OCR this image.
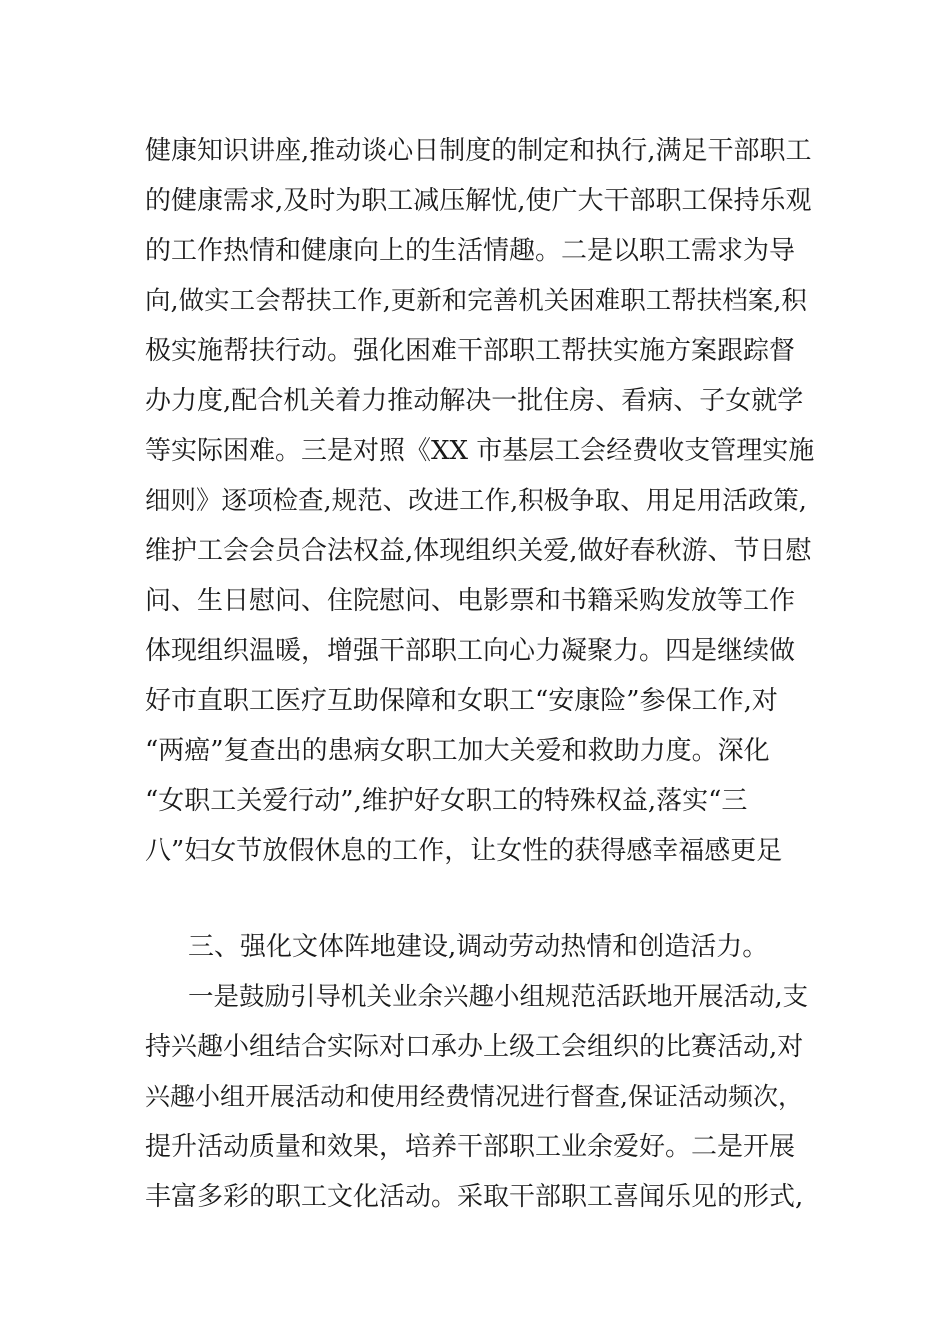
健康知识讲座,推动谈心日制度的制定和执行,满足干部职工
的健康需求,及时为职工减压解忧,使广大干部职工保持乐观
的工作热情和健康向上的生活情趣。二是以职工需求为导
向,做实工会帮扶工作,更新和完善机关困难职工帮扶档案,积
极实施帮扶行动。强化困难干部职工帮扶实施方案跟踪督
办力度,配合机关着力推动解决一批住房、看病、子女就学
等实际困难。三是对照《XX 市基层工会经费收支管理实施
细则》逐项检查,规范、改进工作,积极争取、用足用活政策,
维护工会会员合法权益,体现组织关爱,做好春秋游、节日慰
问、生日慰问、住院慰问、电影票和书籍采购发放等工作
体现组织温暖，增强干部职工向心力凝聚力。四是继续做
好市直职工医疗互助保障和女职工“安康险”参保工作,对
“两癌”复查出的患病女职工加大关爱和救助力度。深化
“女职工关爱行动”,维护好女职工的特殊权益,落实“三
八”妇女节放假休息的工作，让女性的获得感幸福感更足
三、强化文体阵地建设,调动劳动热情和创造活力。
一是鼓励引导机关业余兴趣小组规范活跃地开展活动,支
持兴趣小组结合实际对口承办上级工会组织的比赛活动,对
兴趣小组开展活动和使用经费情况进行督查,保证活动频次，
提升活动质量和效果，培养干部职工业余爱好。二是开展
丰富多彩的职工文化活动。采取干部职工喜闻乐见的形式,
